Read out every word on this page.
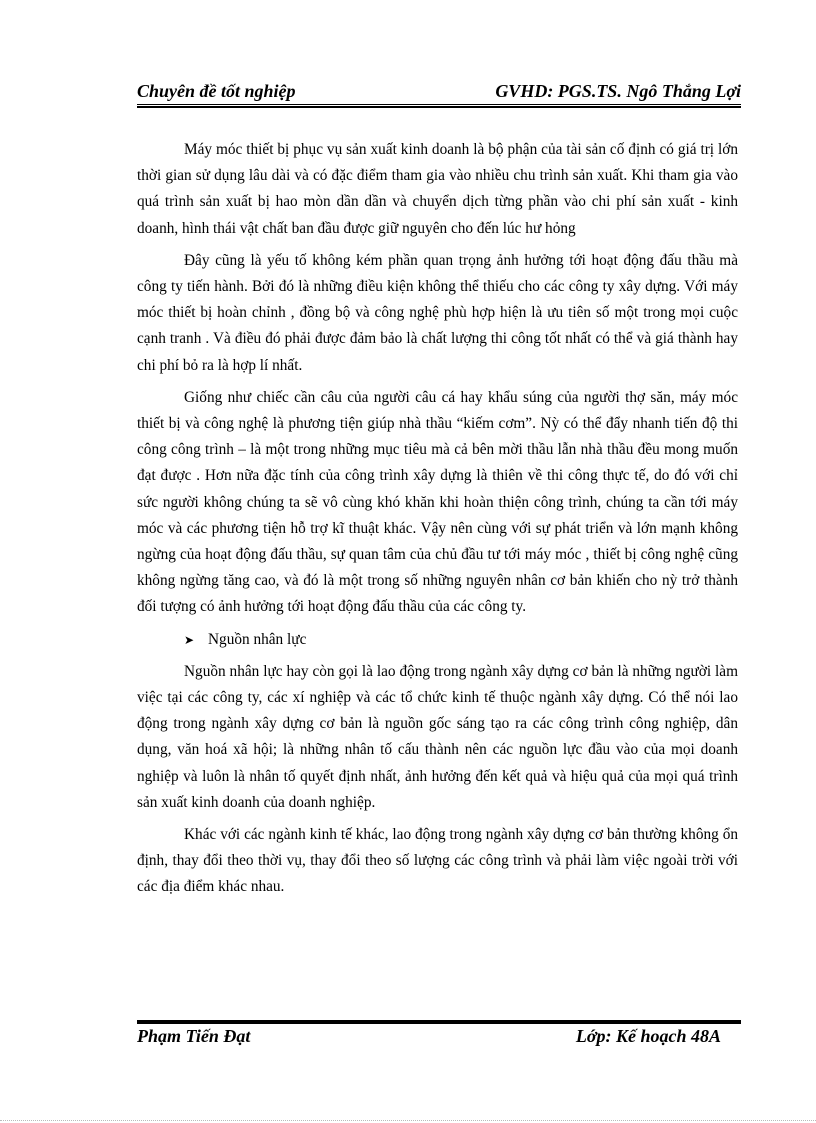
Chuyên đề tốt nghiệp	GVHD: PGS.TS. Ngô Thắng Lợi

Máy móc thiết bị phục vụ sản xuất kinh doanh là bộ phận của tài sản cố định có giá trị lớn thời gian sử dụng lâu dài và có đặc điểm tham gia vào nhiều chu trình sản xuất. Khi tham gia vào quá trình sản xuất bị hao mòn dần dần và chuyển dịch từng phần vào chi phí sản xuất - kinh doanh, hình thái vật chất ban đầu được giữ nguyên cho đến lúc hư hỏng

Đây cũng là yếu tố không kém phần quan trọng ảnh hưởng tới hoạt động đấu thầu mà công ty tiến hành. Bởi đó là những điều kiện không thể thiếu cho các công ty xây dựng. Với máy móc thiết bị hoàn chỉnh , đồng bộ và công nghệ phù hợp hiện là ưu tiên số một trong mọi cuộc cạnh tranh . Và điều đó phải được đảm bảo là chất lượng thi công tốt nhất có thể và giá thành hay chi phí bỏ ra là hợp lí nhất.

Giống như chiếc cần câu của người câu cá hay khẩu súng của người thợ săn, máy móc thiết bị và công nghệ là phương tiện giúp nhà thầu “kiếm cơm”. Nỳ có thể đẩy nhanh tiến độ thi công công trình – là một trong những mục tiêu mà cả bên mời thầu lẫn nhà thầu đều mong muốn đạt được . Hơn nữa đặc tính của công trình xây dựng là thiên về thi công thực tế, do đó với chỉ sức người không chúng ta sẽ vô cùng khó khăn khi hoàn thiện công trình, chúng ta cần tới máy móc và các phương tiện hỗ trợ kĩ thuật khác. Vậy nên cùng với sự phát triển và lớn mạnh không ngừng của hoạt động đấu thầu, sự quan tâm của chủ đầu tư tới máy móc , thiết bị công nghệ cũng không ngừng tăng cao, và đó là một trong số những nguyên nhân cơ bản khiến cho nỳ trở thành đối tượng có ảnh hưởng tới hoạt động đấu thầu của các công ty.

➤ Nguồn nhân lực

Nguồn nhân lực hay còn gọi là lao động trong ngành xây dựng cơ bản là những người làm việc tại các công ty, các xí nghiệp và các tổ chức kinh tế thuộc ngành xây dựng. Có thể nói lao động trong ngành xây dựng cơ bản là nguồn gốc sáng tạo ra các công trình công nghiệp, dân dụng, văn hoá xã hội; là những nhân tố cấu thành nên các nguồn lực đầu vào của mọi doanh nghiệp và luôn là nhân tố quyết định nhất, ảnh hưởng đến kết quả và hiệu quả của mọi quá trình sản xuất kinh doanh của doanh nghiệp.

Khác với các ngành kinh tế khác, lao động trong ngành xây dựng cơ bản thường không ổn định, thay đổi theo thời vụ, thay đổi theo số lượng các công trình và phải làm việc ngoài trời với các địa điểm khác nhau.

Phạm Tiến Đạt	Lớp: Kế hoạch 48A
